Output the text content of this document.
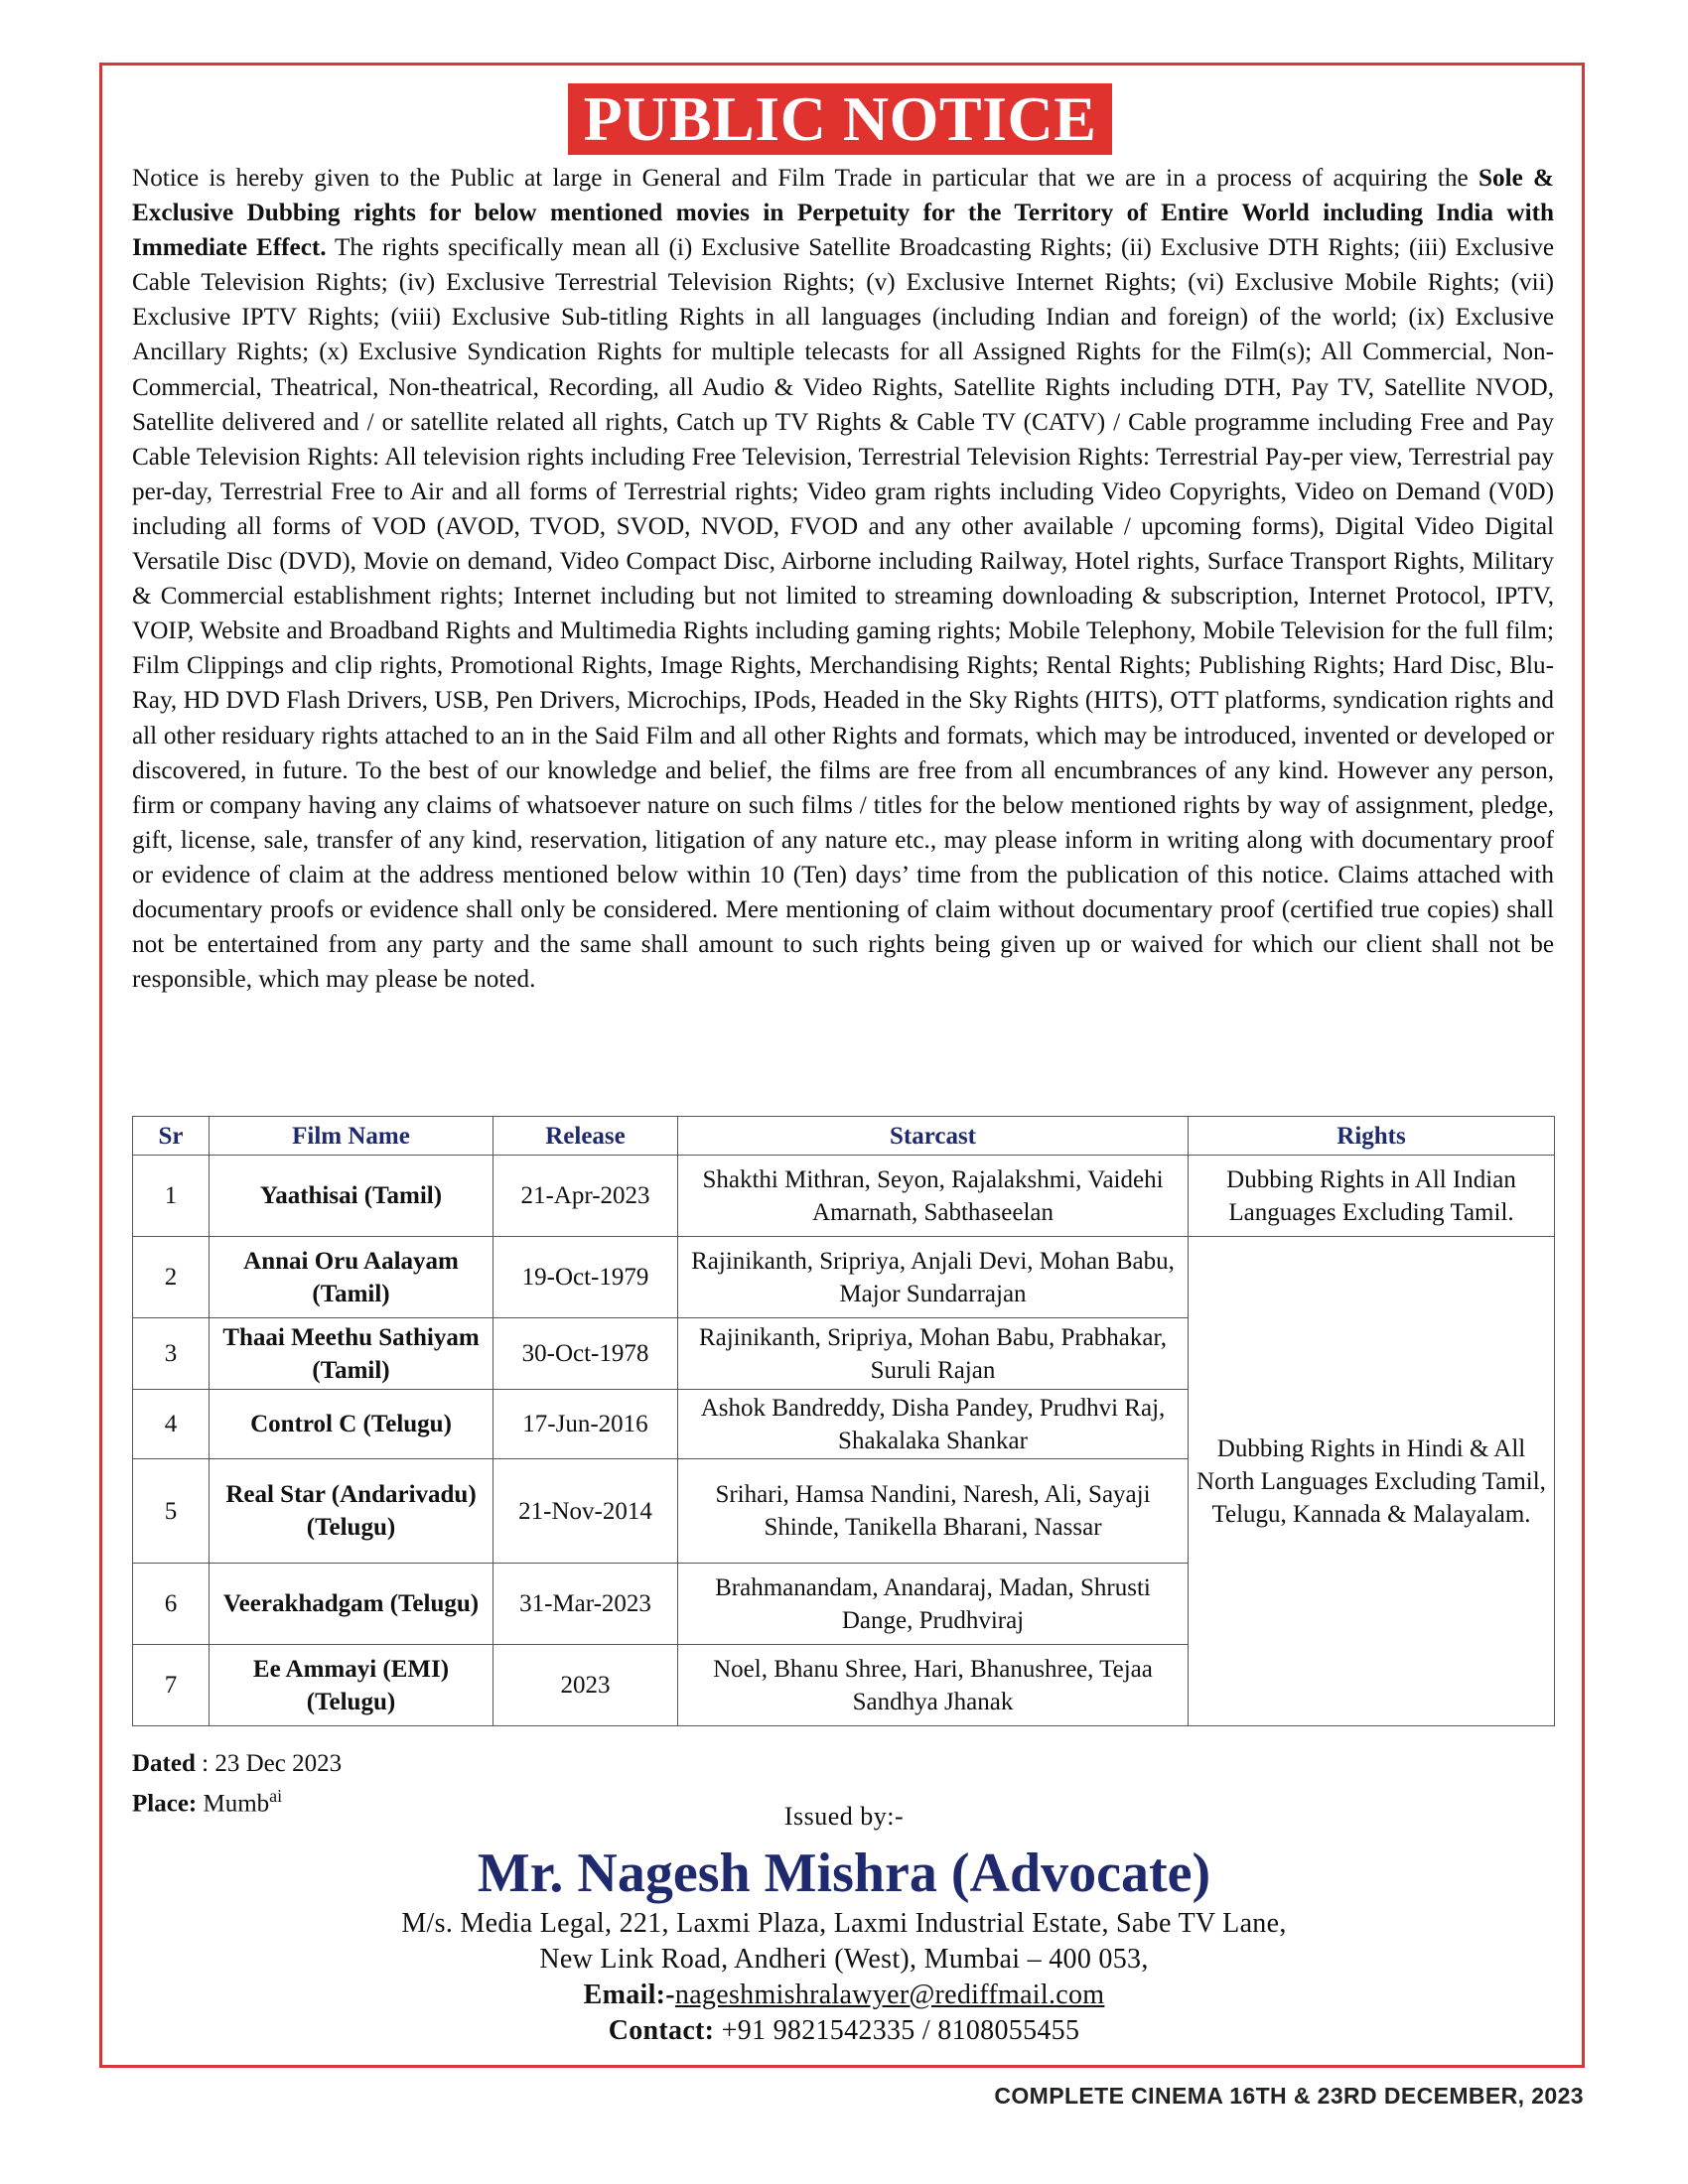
PUBLIC NOTICE
Notice is hereby given to the Public at large in General and Film Trade in particular that we are in a process of acquiring the Sole & Exclusive Dubbing rights for below mentioned movies in Perpetuity for the Territory of Entire World including India with Immediate Effect. The rights specifically mean all (i) Exclusive Satellite Broadcasting Rights; (ii) Exclusive DTH Rights; (iii) Exclusive Cable Television Rights; (iv) Exclusive Terrestrial Television Rights; (v) Exclusive Internet Rights; (vi) Exclusive Mobile Rights; (vii) Exclusive IPTV Rights; (viii) Exclusive Sub-titling Rights in all languages (including Indian and foreign) of the world; (ix) Exclusive Ancillary Rights; (x) Exclusive Syndication Rights for multiple telecasts for all Assigned Rights for the Film(s); All Commercial, Non-Commercial, Theatrical, Non-theatrical, Recording, all Audio & Video Rights, Satellite Rights including DTH, Pay TV, Satellite NVOD, Satellite delivered and / or satellite related all rights, Catch up TV Rights & Cable TV (CATV) / Cable programme including Free and Pay Cable Television Rights: All television rights including Free Television, Terrestrial Television Rights: Terrestrial Pay-per view, Terrestrial pay per-day, Terrestrial Free to Air and all forms of Terrestrial rights; Video gram rights including Video Copyrights, Video on Demand (V0D) including all forms of VOD (AVOD, TVOD, SVOD, NVOD, FVOD and any other available / upcoming forms), Digital Video Digital Versatile Disc (DVD), Movie on demand, Video Compact Disc, Airborne including Railway, Hotel rights, Surface Transport Rights, Military & Commercial establishment rights; Internet including but not limited to streaming downloading & subscription, Internet Protocol, IPTV, VOIP, Website and Broadband Rights and Multimedia Rights including gaming rights; Mobile Telephony, Mobile Television for the full film; Film Clippings and clip rights, Promotional Rights, Image Rights, Merchandising Rights; Rental Rights; Publishing Rights; Hard Disc, Blu-Ray, HD DVD Flash Drivers, USB, Pen Drivers, Microchips, IPods, Headed in the Sky Rights (HITS), OTT platforms, syndication rights and all other residuary rights attached to an in the Said Film and all other Rights and formats, which may be introduced, invented or developed or discovered, in future. To the best of our knowledge and belief, the films are free from all encumbrances of any kind. However any person, firm or company having any claims of whatsoever nature on such films / titles for the below mentioned rights by way of assignment, pledge, gift, license, sale, transfer of any kind, reservation, litigation of any nature etc., may please inform in writing along with documentary proof or evidence of claim at the address mentioned below within 10 (Ten) days’ time from the publication of this notice. Claims attached with documentary proofs or evidence shall only be considered. Mere mentioning of claim without documentary proof (certified true copies) shall not be entertained from any party and the same shall amount to such rights being given up or waived for which our client shall not be responsible, which may please be noted.
Sr	Film Name	Release	Starcast	Rights
1	Yaathisai (Tamil)	21-Apr-2023	Shakthi Mithran, Seyon, Rajalakshmi, Vaidehi Amarnath, Sabthaseelan	Dubbing Rights in All Indian Languages Excluding Tamil.
2	Annai Oru Aalayam (Tamil)	19-Oct-1979	Rajinikanth, Sripriya, Anjali Devi, Mohan Babu, Major Sundarrajan	Dubbing Rights in Hindi & All North Languages Excluding Tamil, Telugu, Kannada & Malayalam.
3	Thaai Meethu Sathiyam (Tamil)	30-Oct-1978	Rajinikanth, Sripriya, Mohan Babu, Prabhakar, Suruli Rajan	
4	Control C (Telugu)	17-Jun-2016	Ashok Bandreddy, Disha Pandey, Prudhvi Raj, Shakalaka Shankar	
5	Real Star (Andarivadu) (Telugu)	21-Nov-2014	Srihari, Hamsa Nandini, Naresh, Ali, Sayaji Shinde, Tanikella Bharani, Nassar	
6	Veerakhadgam (Telugu)	31-Mar-2023	Brahmanandam, Anandaraj, Madan, Shrusti Dange, Prudhviraj	
7	Ee Ammayi (EMI) (Telugu)	2023	Noel, Bhanu Shree, Hari, Bhanushree, Tejaa Sandhya Jhanak	
Dated : 23 Dec 2023
Place: Mumb$^{ai}$
Issued by:-
Mr. Nagesh Mishra (Advocate)
M/s. Media Legal, 221, Laxmi Plaza, Laxmi Industrial Estate, Sabe TV Lane,
New Link Road, Andheri (West), Mumbai – 400 053,
Email:-nageshmishralawyer@rediffmail.com
Contact: +91 9821542335 / 8108055455
COMPLETE CINEMA 16TH & 23RD DECEMBER, 2023
